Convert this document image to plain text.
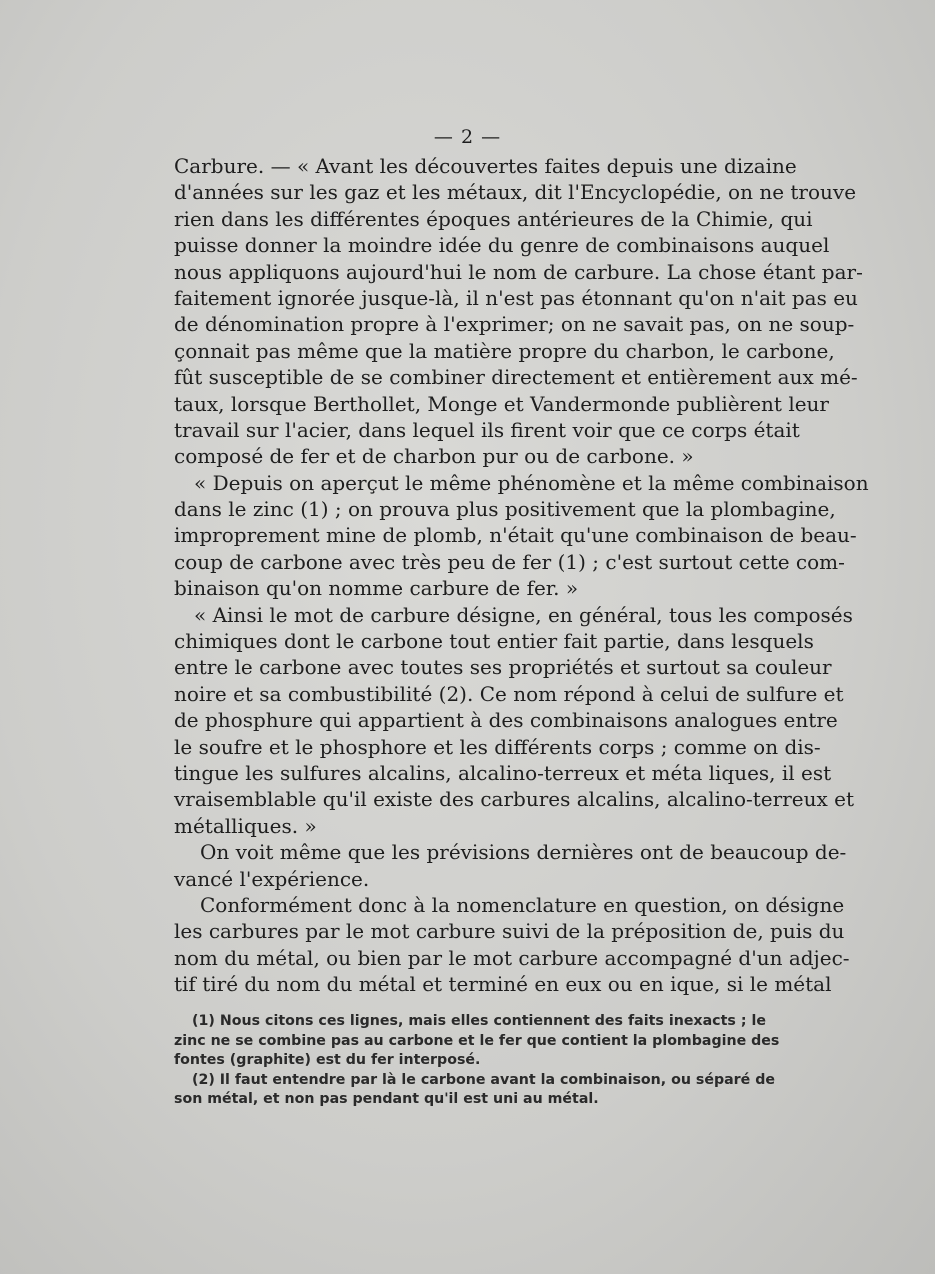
— 2 —
Carbure. — « Avant les découvertes faites depuis une dizaine
d'années sur les gaz et les métaux, dit l'Encyclopédie, on ne trouve
rien dans les différentes époques antérieures de la Chimie, qui
puisse donner la moindre idée du genre de combinaisons auquel
nous appliquons aujourd'hui le nom de carbure. La chose étant par-
faitement ignorée jusque-là, il n'est pas étonnant qu'on n'ait pas eu
de dénomination propre à l'exprimer; on ne savait pas, on ne soup-
çonnait pas même que la matière propre du charbon, le carbone,
fût susceptible de se combiner directement et entièrement aux mé-
taux, lorsque Berthollet, Monge et Vandermonde publièrent leur
travail sur l'acier, dans lequel ils firent voir que ce corps était
composé de fer et de charbon pur ou de carbone. »
« Depuis on aperçut le même phénomène et la même combinaison
dans le zinc (1) ; on prouva plus positivement que la plombagine,
improprement mine de plomb, n'était qu'une combinaison de beau-
coup de carbone avec très peu de fer (1) ; c'est surtout cette com-
binaison qu'on nomme carbure de fer. »
« Ainsi le mot de carbure désigne, en général, tous les composés
chimiques dont le carbone tout entier fait partie, dans lesquels
entre le carbone avec toutes ses propriétés et surtout sa couleur
noire et sa combustibilité (2). Ce nom répond à celui de sulfure et
de phosphure qui appartient à des combinaisons analogues entre
le soufre et le phosphore et les différents corps ; comme on dis-
tingue les sulfures alcalins, alcalino-terreux et méta liques, il est
vraisemblable qu'il existe des carbures alcalins, alcalino-terreux et
métalliques. »
On voit même que les prévisions dernières ont de beaucoup de-
vancé l'expérience.
Conformément donc à la nomenclature en question, on désigne
les carbures par le mot carbure suivi de la préposition de, puis du
nom du métal, ou bien par le mot carbure accompagné d'un adjec-
tif tiré du nom du métal et terminé en eux ou en ique, si le métal
(1) Nous citons ces lignes, mais elles contiennent des faits inexacts ; le
zinc ne se combine pas au carbone et le fer que contient la plombagine des
fontes (graphite) est du fer interposé.
(2) Il faut entendre par là le carbone avant la combinaison, ou séparé de
son métal, et non pas pendant qu'il est uni au métal.
